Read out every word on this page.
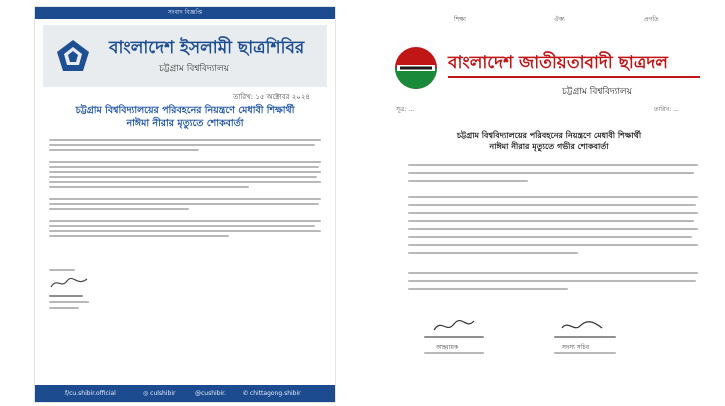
সংবাদ বিজ্ঞপ্তি
বাংলাদেশ ইসলামী ছাত্রশিবির
চট্টগ্রাম বিশ্ববিদ্যালয়
তারিখ: ১৫ অক্টোবর ২০২৪
চট্টগ্রাম বিশ্ববিদ্যালয়ের পরিবহনের নিয়ন্ত্রণে মেধাবী শিক্ষার্থী
নাঈমা নীরার মৃত্যুতে শোকবার্তা
f/cu.shibir.official	◎ culshibir	@cushibir.	✆ chittagong.shibir
শিক্ষা	ঐক্য	প্রগতি
বাংলাদেশ জাতীয়তাবাদী ছাত্রদল
চট্টগ্রাম বিশ্ববিদ্যালয়
সূত্র: ...	তারিখ: ...
চট্টগ্রাম বিশ্ববিদ্যালয়ের পরিবহনের নিয়ন্ত্রণে মেধাবী শিক্ষার্থী
নাঈমা নীরার মৃত্যুতে গভীর শোকবার্তা
আহ্বায়ক	সদস্য সচিব
